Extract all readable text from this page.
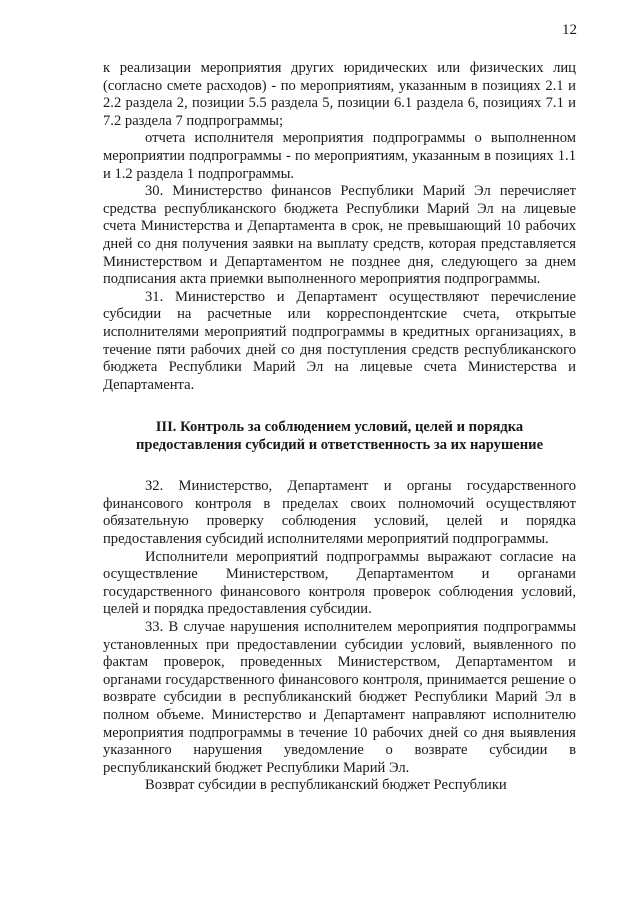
12

к реализации мероприятия других юридических или физических лиц (согласно смете расходов) - по мероприятиям, указанным в позициях 2.1 и 2.2 раздела 2, позиции 5.5 раздела 5, позиции 6.1 раздела 6, позициях 7.1 и 7.2 раздела 7 подпрограммы;

отчета исполнителя мероприятия подпрограммы о выполненном мероприятии подпрограммы - по мероприятиям, указанным в позициях 1.1 и 1.2 раздела 1 подпрограммы.

30. Министерство финансов Республики Марий Эл перечисляет средства республиканского бюджета Республики Марий Эл на лицевые счета Министерства и Департамента в срок, не превышающий 10 рабочих дней со дня получения заявки на выплату средств, которая представляется Министерством и Департаментом не позднее дня, следующего за днем подписания акта приемки выполненного мероприятия подпрограммы.

31. Министерство и Департамент осуществляют перечисление субсидии на расчетные или корреспондентские счета, открытые исполнителями мероприятий подпрограммы в кредитных организациях, в течение пяти рабочих дней со дня поступления средств республиканского бюджета Республики Марий Эл на лицевые счета Министерства и Департамента.

III. Контроль за соблюдением условий, целей и порядка
предоставления субсидий и ответственность за их нарушение

32. Министерство, Департамент и органы государственного финансового контроля в пределах своих полномочий осуществляют обязательную проверку соблюдения условий, целей и порядка предоставления субсидий исполнителями мероприятий подпрограммы.

Исполнители мероприятий подпрограммы выражают согласие на осуществление Министерством, Департаментом и органами государственного финансового контроля проверок соблюдения условий, целей и порядка предоставления субсидии.

33. В случае нарушения исполнителем мероприятия подпрограммы установленных при предоставлении субсидии условий, выявленного по фактам проверок, проведенных Министерством, Департаментом и органами государственного финансового контроля, принимается решение о возврате субсидии в республиканский бюджет Республики Марий Эл в полном объеме. Министерство и Департамент направляют исполнителю мероприятия подпрограммы в течение 10 рабочих дней со дня выявления указанного нарушения уведомление о возврате субсидии в республиканский бюджет Республики Марий Эл.

Возврат субсидии в республиканский бюджет Республики
